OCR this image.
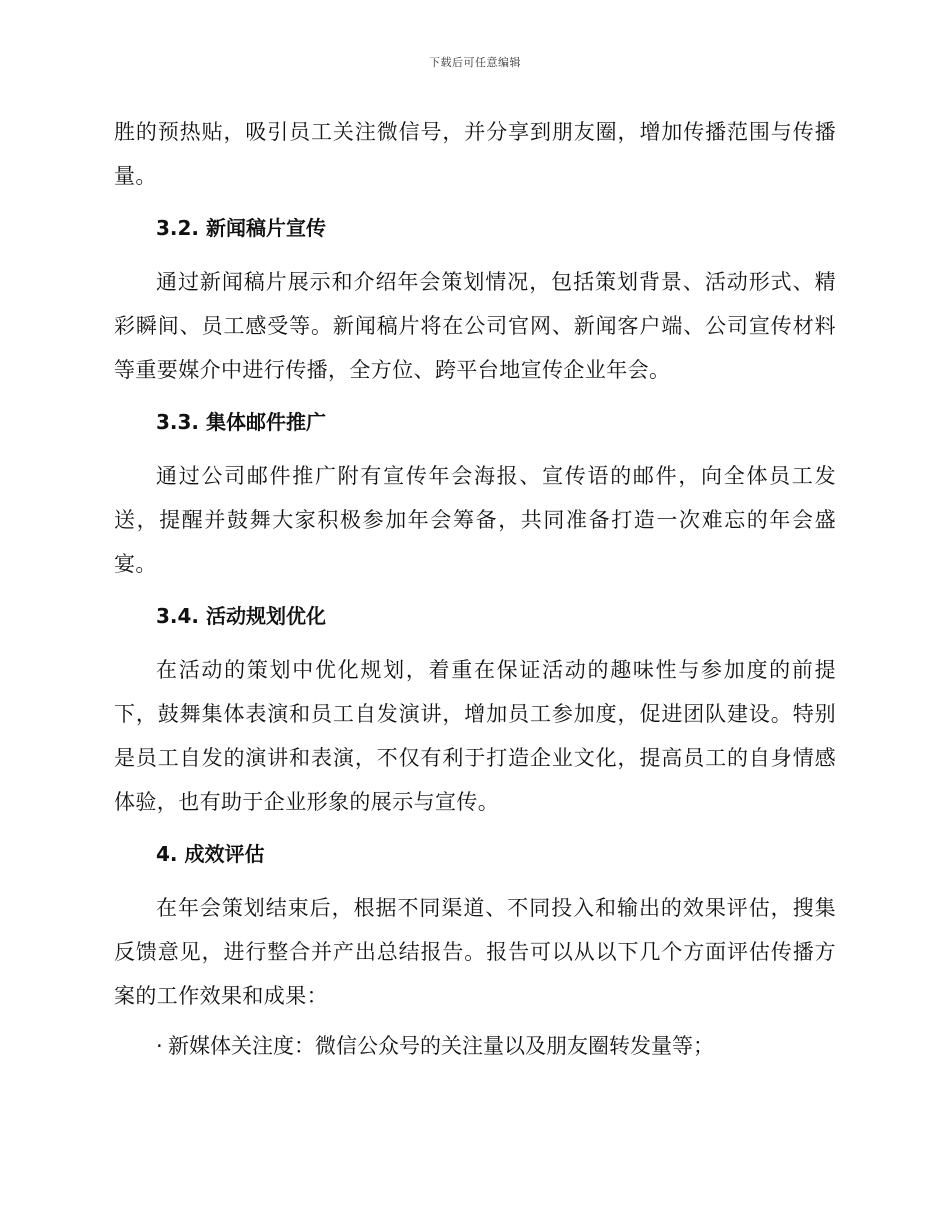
下载后可任意编辑

胜的预热贴，吸引员工关注微信号，并分享到朋友圈，增加传播范围与传播量。

3.2. 新闻稿片宣传

通过新闻稿片展示和介绍年会策划情况，包括策划背景、活动形式、精彩瞬间、员工感受等。新闻稿片将在公司官网、新闻客户端、公司宣传材料等重要媒介中进行传播，全方位、跨平台地宣传企业年会。

3.3. 集体邮件推广

通过公司邮件推广附有宣传年会海报、宣传语的邮件，向全体员工发送，提醒并鼓舞大家积极参加年会筹备，共同准备打造一次难忘的年会盛宴。

3.4. 活动规划优化

在活动的策划中优化规划，着重在保证活动的趣味性与参加度的前提下，鼓舞集体表演和员工自发演讲，增加员工参加度，促进团队建设。特别是员工自发的演讲和表演，不仅有利于打造企业文化，提高员工的自身情感体验，也有助于企业形象的展示与宣传。

4. 成效评估

在年会策划结束后，根据不同渠道、不同投入和输出的效果评估，搜集反馈意见，进行整合并产出总结报告。报告可以从以下几个方面评估传播方案的工作效果和成果：

· 新媒体关注度：微信公众号的关注量以及朋友圈转发量等；
